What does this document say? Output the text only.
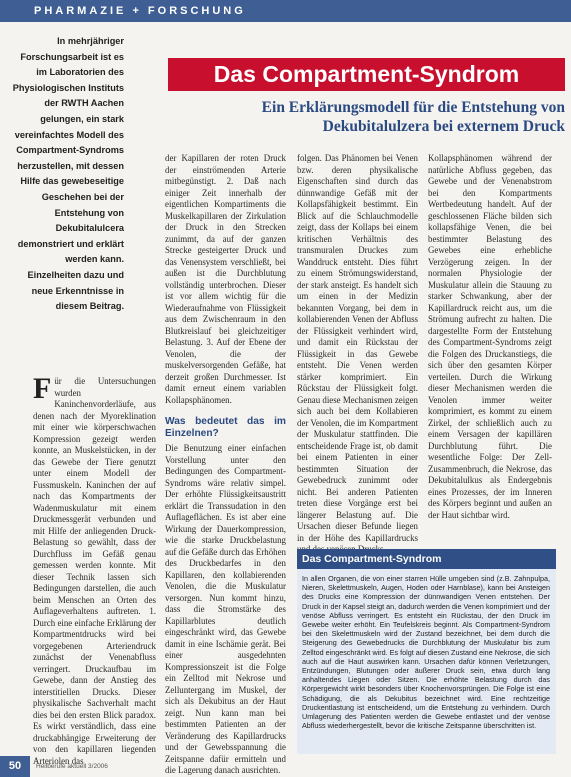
PHARMAZIE + FORSCHUNG
In mehrjähriger Forschungsarbeit ist es im Laboratorien des Physiologischen Instituts der RWTH Aachen gelungen, ein stark vereinfachtes Modell des Compartment-Syndroms herzustellen, mit dessen Hilfe das gewebeseitige Geschehen bei der Entstehung von Dekubitalulcera demonstriert und erklärt werden kann. Einzelheiten dazu und neue Erkenntnisse in diesem Beitrag.
Das Compartment-Syndrom
Ein Erklärungsmodell für die Entstehung von Dekubitalulzera bei externem Druck
F ür die Untersuchungen wurden Kaninchenvorderläufe, aus denen nach der Myoreklination mit einer wie körperschwachen Kompression gezeigt werden konnte, an Muskelstücken, in der das Gewebe der Tiere genutzt unter einem Modell der Fussmuskeln. Kaninchen der auf nach das Kompartments der Wadenmuskulatur mit einem Druckmessgerät verbunden und mit Hilfe der anliegenden Druck-Belastung so gewählt, dass der Durchfluss im Gefäß genau gemessen werden konnte. Mit dieser Technik lassen sich Bedingungen darstellen, die auch beim Menschen an Orten des Auflageverhaltens auftreten. 1. Durch eine einfache Erklärung der Kompartmentdrucks wird bei vorgegebenen Arteriendruck zunächst der Venenabfluss verringert. Druckaufbau im Gewebe, dann der Anstieg des interstitiellen Drucks. Dieser physikalische Sachverhalt macht dies bei den ersten Blick paradox. Es wirkt verständlich, dass eine druckabhängige Erweiterung der von den kapillaren liegenden Arteriolen das

der Kapillaren der roten Druck der einströmenden Arterie mitbegünstigt. 2. Daß nach einiger Zeit innerhalb der eigentlichen Kompartiments die Muskelkapillaren der Zirkulation der Druck in den Strecken zunimmt, da auf der ganzen Strecke gesteigerter Druck und das Venensystem verschließt, bei außen ist die Durchblutung vollständig unterbrochen. Dieser ist vor allem wichtig für die Wiederaufnahme von Flüssigkeit aus dem Zwischenraum in den Blutkreislauf bei gleichzeitiger Belastung. 3. Auf der Ebene der Venolen, die der muskelversorgenden Gefäße, hat derzeit großen Durchmesser. Ist damit erneut einem variablen Kollapsphänomen.

Was bedeutet das im Einzelnen?

Die Benutzung einer einfachen Vorstellung unter den Bedingungen des Compartment-Syndroms wäre relativ simpel. Der erhöhte Flüssigkeitsaustritt erklärt die Transsudation in den Auflageflächen. Es ist aber eine Wirkung der Dauerkompression, wie die starke Druckbelastung auf die Gefäße durch das Erhöhen des Druckbedarfes in den Kapillaren, den kollabierenden Venolen, die die Muskulatur versorgen. Nun kommt hinzu, dass die Stromstärke des Kapillarblutes deutlich eingeschränkt wird, das Gewebe damit in eine Ischämie gerät. Bei einer ausgedehnten Kompressionszeit ist die Folge ein Zelltod mit Nekrose und Zelluntergang im Muskel, der sich als Dekubitus an der Haut zeigt. Nun kann man bei bestimmten Patienten an der Veränderung des Kapillardrucks und der Gewebsspannung die Zeitspanne dafür ermitteln und die Lagerung danach ausrichten.

folgen. Das Phänomen bei Venen bzw. deren physikalische Eigenschaften sind durch das dünnwandige Gefäß mit der Kollapsfähigkeit bestimmt. Ein Blick auf die Schlauchmodelle zeigt, dass der Kollaps bei einem kritischen Verhältnis des transmuralen Druckes zum Wanddruck entsteht. Dies führt zu einem Strömungswiderstand, der stark ansteigt. Es handelt sich um einen in der Medizin bekannten Vorgang, bei dem in kollabierenden Venen der Abfluss der Flüssigkeit verhindert wird, und damit ein Rückstau der Flüssigkeit in das Gewebe entsteht. Die Venen werden stärker komprimiert. Ein Rückstau der Flüssigkeit folgt. Genau diese Mechanismen zeigen sich auch bei dem Kollabieren der Venolen, die im Kompartment der Muskulatur stattfinden. Die entscheidende Frage ist, ob damit bei einem Patienten in einer bestimmten Situation der Gewebedruck zunimmt oder nicht. Bei anderen Patienten treten diese Vorgänge erst bei längerer Belastung auf. Die Ursachen dieser Befunde liegen in der Höhe des Kapillardrucks
Kollapsphänomen während der natürliche Abfluss gegeben, das Gewebe und der Venenabstrom bei den Kompartments Wertbedeutung handelt. Auf der geschlossenen Fläche bilden sich kollapsfähige Venen, die bei bestimmter Belastung des Gewebes eine erhebliche Verzögerung zeigen. In der normalen Physiologie der Muskulatur allein die Stauung zu starker Schwankung, aber der Kapillardruck reicht aus, um die Strömung aufrecht zu halten. Die dargestellte Form der Entstehung des Compartment-Syndroms zeigt die Folgen des Druckanstiegs, die sich über den gesamten Körper verteilen. Durch die Wirkung dieser Mechanismen werden die Venolen immer weiter komprimiert, es kommt zu einem Zirkel, der schließlich auch zu einem Versagen der kapillären Durchblutung führt. Die wesentliche Folge: Der Zell-Zusammenbruch, die Nekrose, das Dekubitalulkus als Endergebnis eines Prozesses, der im Inneren des Körpers beginnt und außen an der Haut sichtbar wird.
Das Compartment-Syndrom
In allen Organen, die von einer starren Hülle umgeben sind (z.B. Zahnpulpa, Nieren, Skelettmuskeln, Augen, Hoden oder Harnblase), kann bei Ansteigen des Drucks eine Kompression der dünnwandigen Venen entstehen. Der Druck in der Kapsel steigt an, dadurch werden die Venen komprimiert und der venöse Abfluss verringert. Es entsteht ein Rückstau, der den Druck im Gewebe weiter erhöht. Ein Teufelskreis beginnt. Als Compartment-Syndrom bei den Skelettmuskeln wird der Zustand bezeichnet, bei dem durch die Steigerung des Gewebedrucks die Durchblutung der Muskulatur bis zum Zelltod eingeschränkt wird. Es folgt auf diesen Zustand eine Nekrose, die sich auch auf die Haut auswirken kann. Ursachen dafür können Verletzungen, Entzündungen, Blutungen oder äußerer Druck sein, etwa durch lang anhaltendes Liegen oder Sitzen. Die erhöhte Belastung durch das Körpergewicht wirkt besonders über Knochenvorsprüngen. Die Folge ist eine Schädigung, die als Dekubitus bezeichnet wird. Eine rechtzeitige Druckentlastung ist entscheidend, um die Entstehung zu verhindern. Durch Umlagerung des Patienten werden die Gewebe entlastet und der venöse Abfluss wiederhergestellt, bevor die kritische Zeitspanne überschritten ist.
50	Heilberufe aktuell 3/2006
